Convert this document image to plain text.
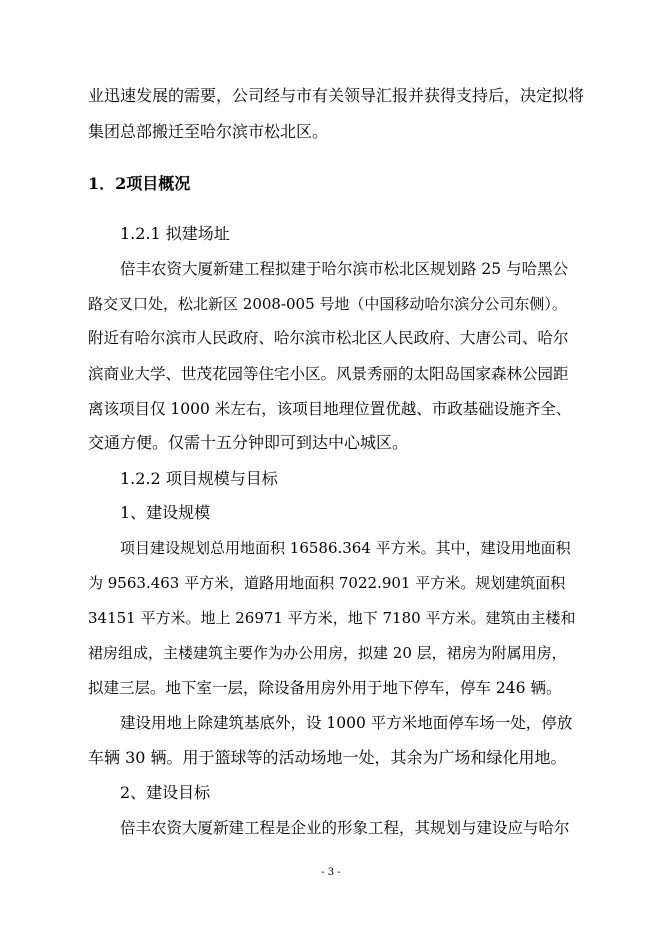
业迅速发展的需要，公司经与市有关领导汇报并获得支持后，决定拟将

集团总部搬迁至哈尔滨市松北区。

1．2项目概况

1.2.1 拟建场址

倍丰农资大厦新建工程拟建于哈尔滨市松北区规划路 25 与哈黑公

路交叉口处，松北新区 2008-005 号地（中国移动哈尔滨分公司东侧）。

附近有哈尔滨市人民政府、哈尔滨市松北区人民政府、大唐公司、哈尔

滨商业大学、世茂花园等住宅小区。风景秀丽的太阳岛国家森林公园距

离该项目仅 1000 米左右，该项目地理位置优越、市政基础设施齐全、

交通方便。仅需十五分钟即可到达中心城区。

1.2.2 项目规模与目标

1、建设规模

项目建设规划总用地面积 16586.364 平方米。其中，建设用地面积

为 9563.463 平方米，道路用地面积 7022.901 平方米。规划建筑面积

34151 平方米。地上 26971 平方米，地下 7180 平方米。建筑由主楼和

裙房组成，主楼建筑主要作为办公用房，拟建 20 层，裙房为附属用房，

拟建三层。地下室一层，除设备用房外用于地下停车，停车 246 辆。

建设用地上除建筑基底外，设 1000 平方米地面停车场一处，停放

车辆 30 辆。用于篮球等的活动场地一处，其余为广场和绿化用地。

2、建设目标

倍丰农资大厦新建工程是企业的形象工程，其规划与建设应与哈尔

- 3 -
